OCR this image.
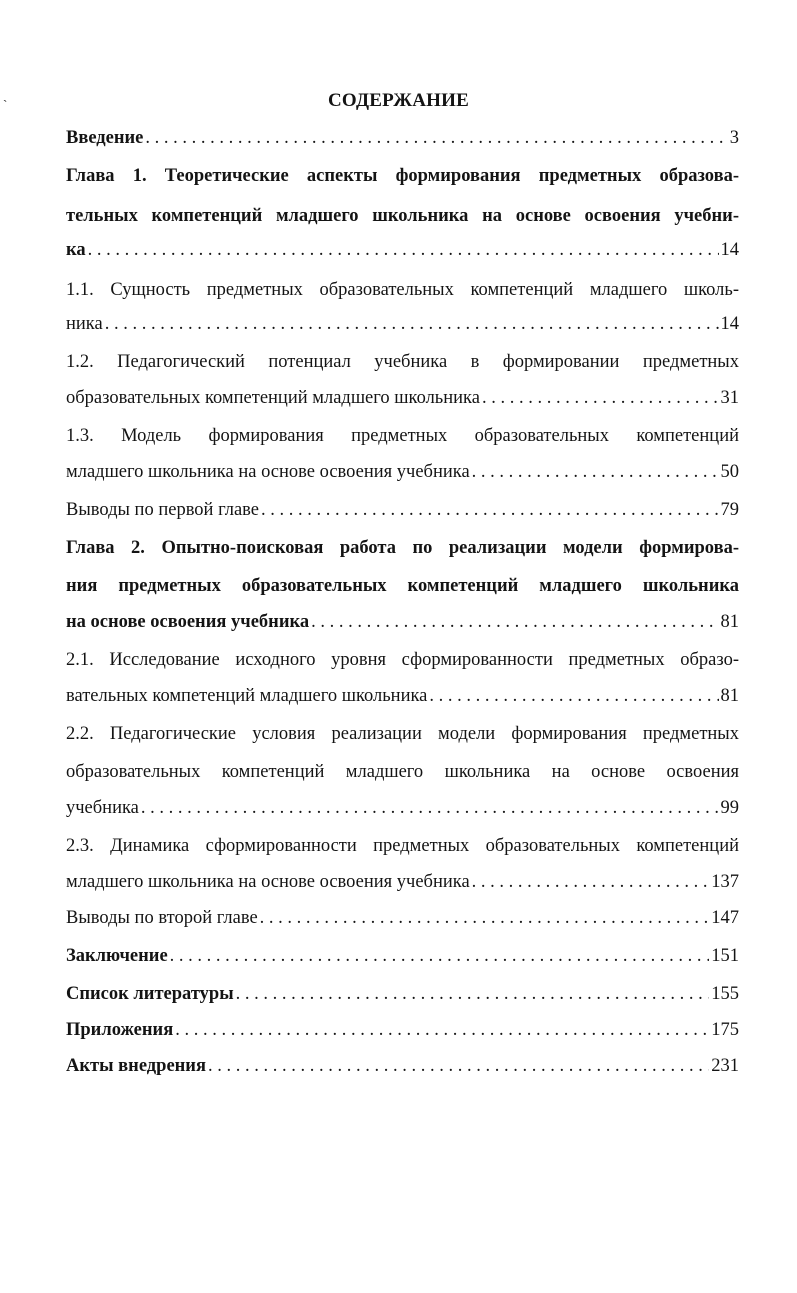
`	СОДЕРЖАНИЕ
Введение . . .	3
Глава 1. Теоретические аспекты формирования предметных образова-
тельных компетенций младшего школьника на основе освоения учебни-
ка . . .	14
1.1. Сущность предметных образовательных компетенций младшего школь-
ника . . .	14
1.2. Педагогический потенциал учебника в формировании предметных
образовательных компетенций младшего школьника . . .	31
1.3. Модель формирования предметных образовательных компетенций
младшего школьника на основе освоения учебника . . .	50
Выводы по первой главе . . .	79
Глава 2. Опытно-поисковая работа по реализации модели формирова-
ния предметных образовательных компетенций младшего школьника
на основе освоения учебника . . .	81
2.1. Исследование исходного уровня сформированности предметных образо-
вательных компетенций младшего школьника . . .	81
2.2. Педагогические условия реализации модели формирования предметных
образовательных компетенций младшего школьника на основе освоения
учебника . . .	99
2.3. Динамика сформированности предметных образовательных компетенций
младшего школьника на основе освоения учебника . . .	137
Выводы по второй главе . . .	147
Заключение . . .	151
Список литературы . . .	155
Приложения . . .	175
Акты внедрения . . .	231
